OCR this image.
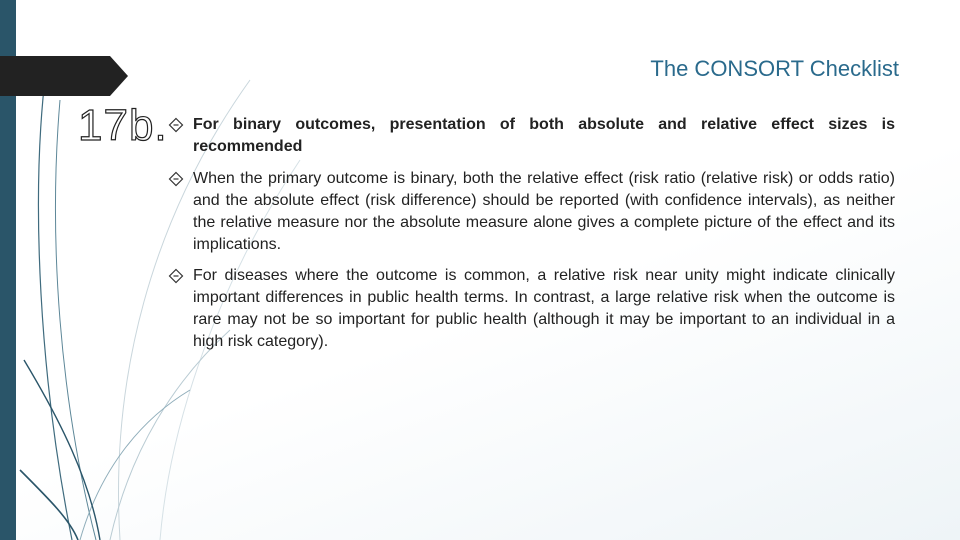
The CONSORT Checklist
17b.	For binary outcomes, presentation of both absolute and relative effect sizes is recommended
When the primary outcome is binary, both the relative effect (risk ratio (relative risk) or odds ratio) and the absolute effect (risk difference) should be reported (with confidence intervals), as neither the relative measure nor the absolute measure alone gives a complete picture of the effect and its implications.
For diseases where the outcome is common, a relative risk near unity might indicate clinically important differences in public health terms. In contrast, a large relative risk when the outcome is rare may not be so important for public health (although it may be important to an individual in a high risk category).
